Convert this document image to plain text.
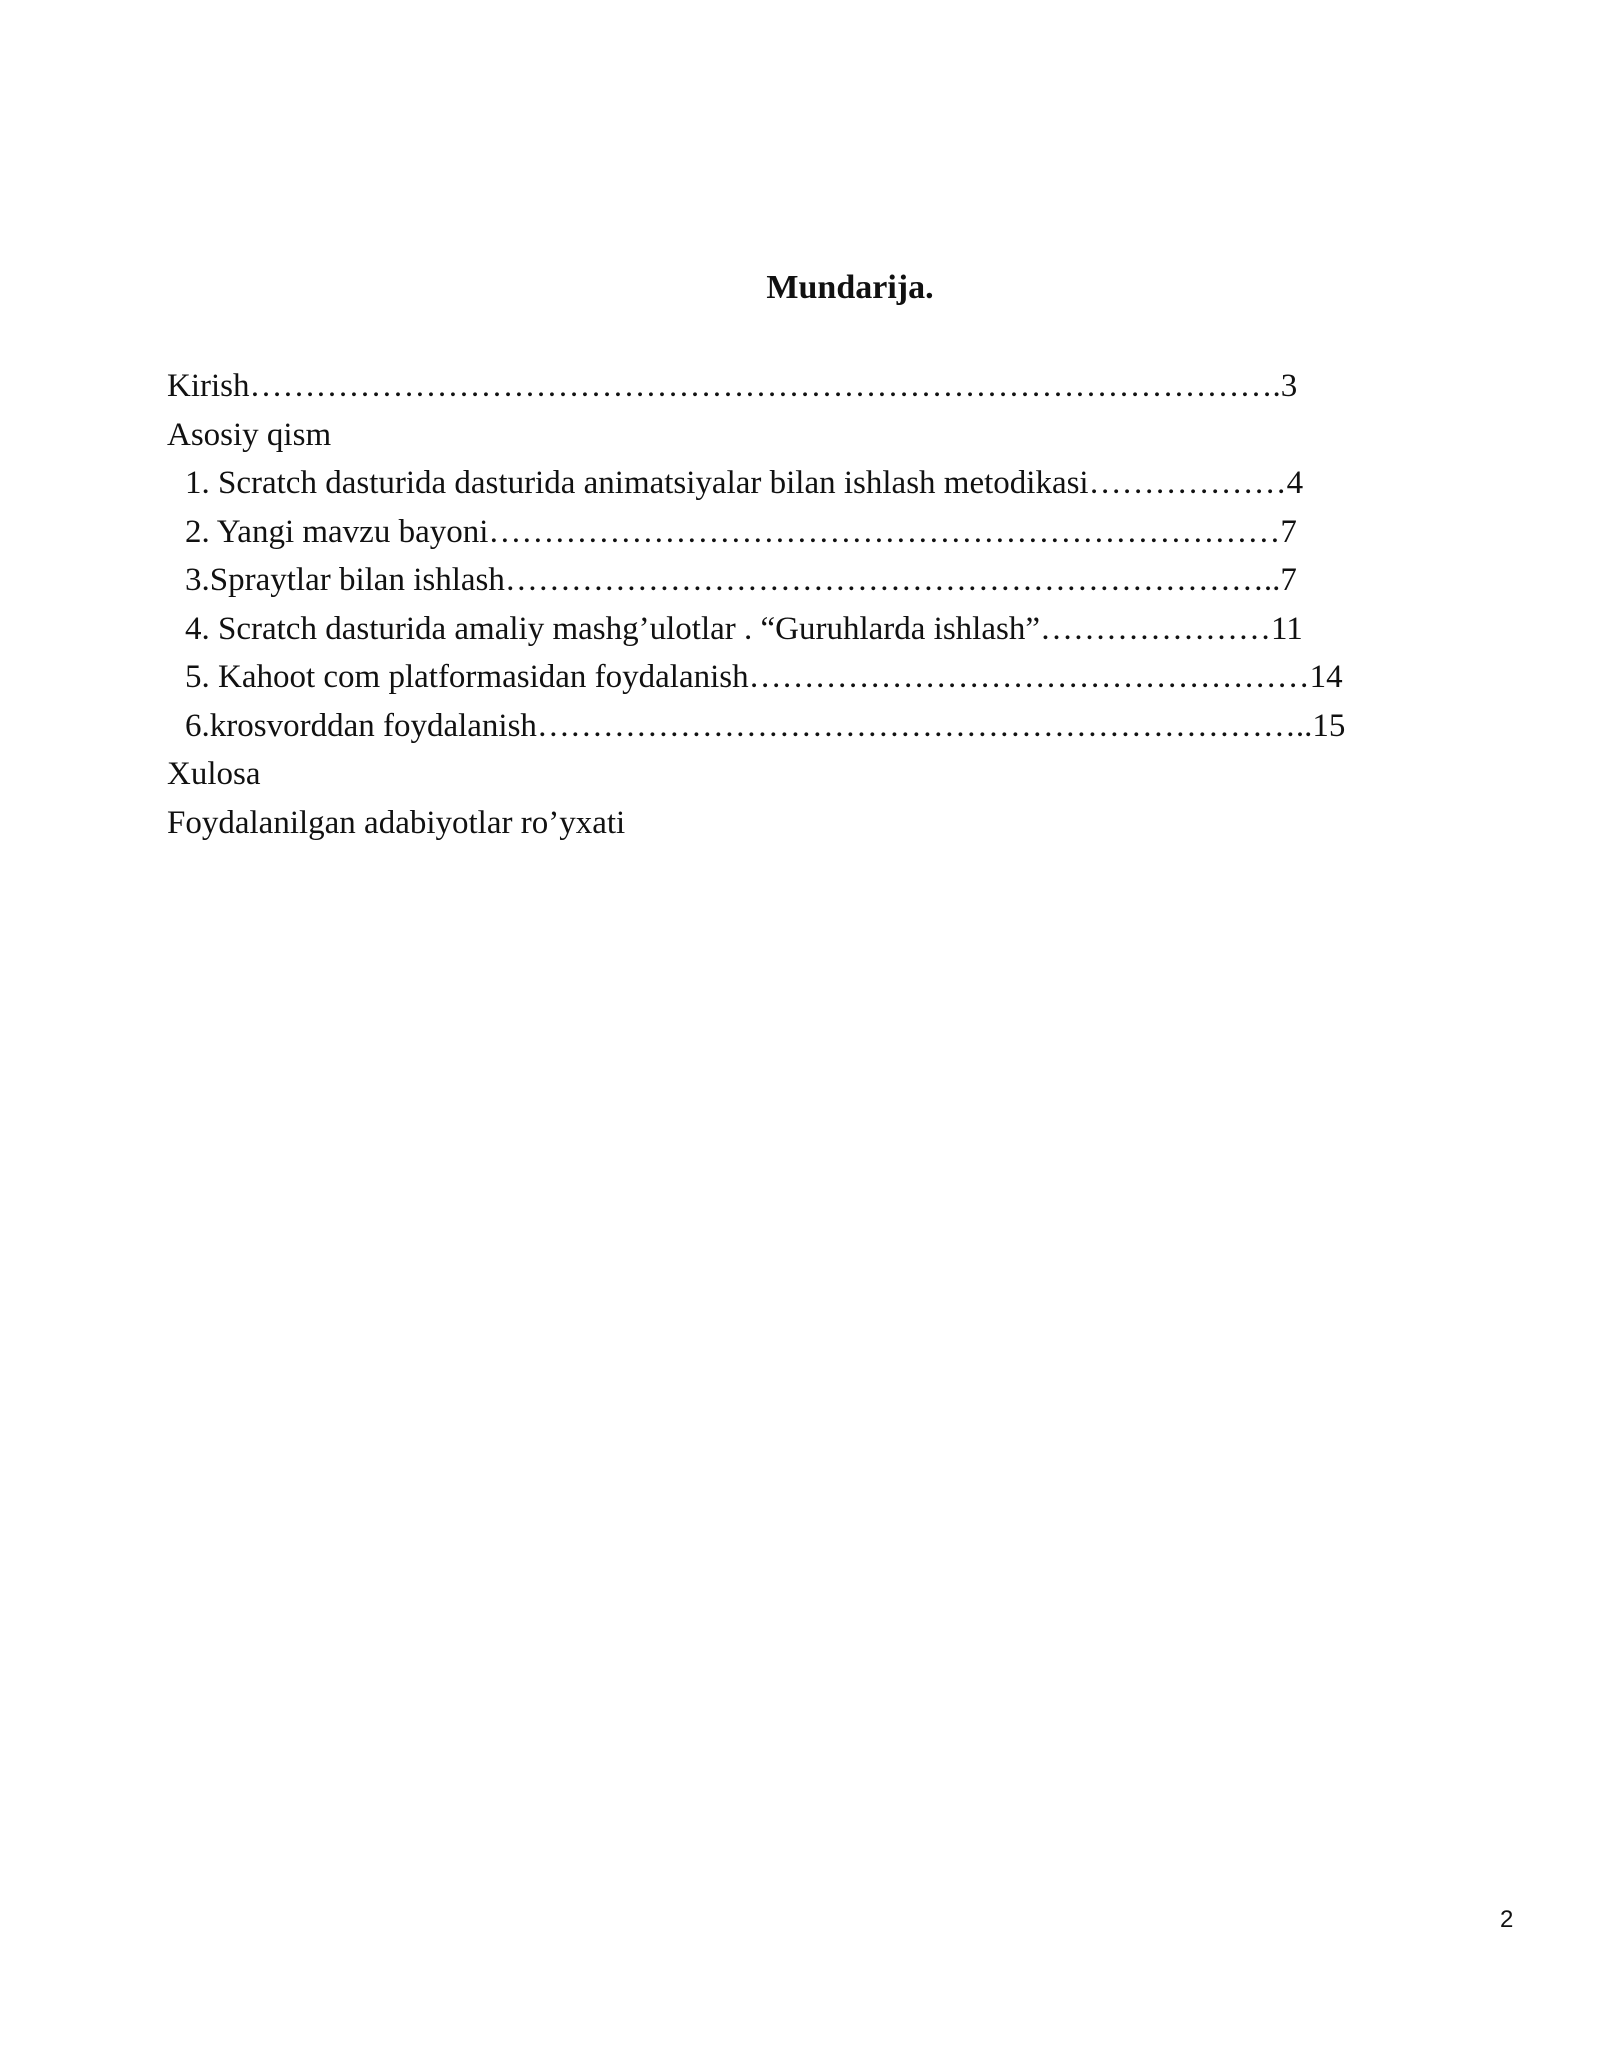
Mundarija.
Kirish………………………………………………………………………………….3
Asosiy qism
1. Scratch dasturida dasturida animatsiyalar bilan ishlash metodikasi………………4
2. Yangi mavzu bayoni………………………………………………………………7
3.Spraytlar bilan ishlash……………………………………………………………..7
4. Scratch dasturida amaliy mashg’ulotlar . “Guruhlarda ishlash”…………………11
5. Kahoot com platformasidan foydalanish……………………………………………14
6.krosvorddan foydalanish……………………………………………………………..15
Xulosa
Foydalanilgan adabiyotlar ro’yxati
2
